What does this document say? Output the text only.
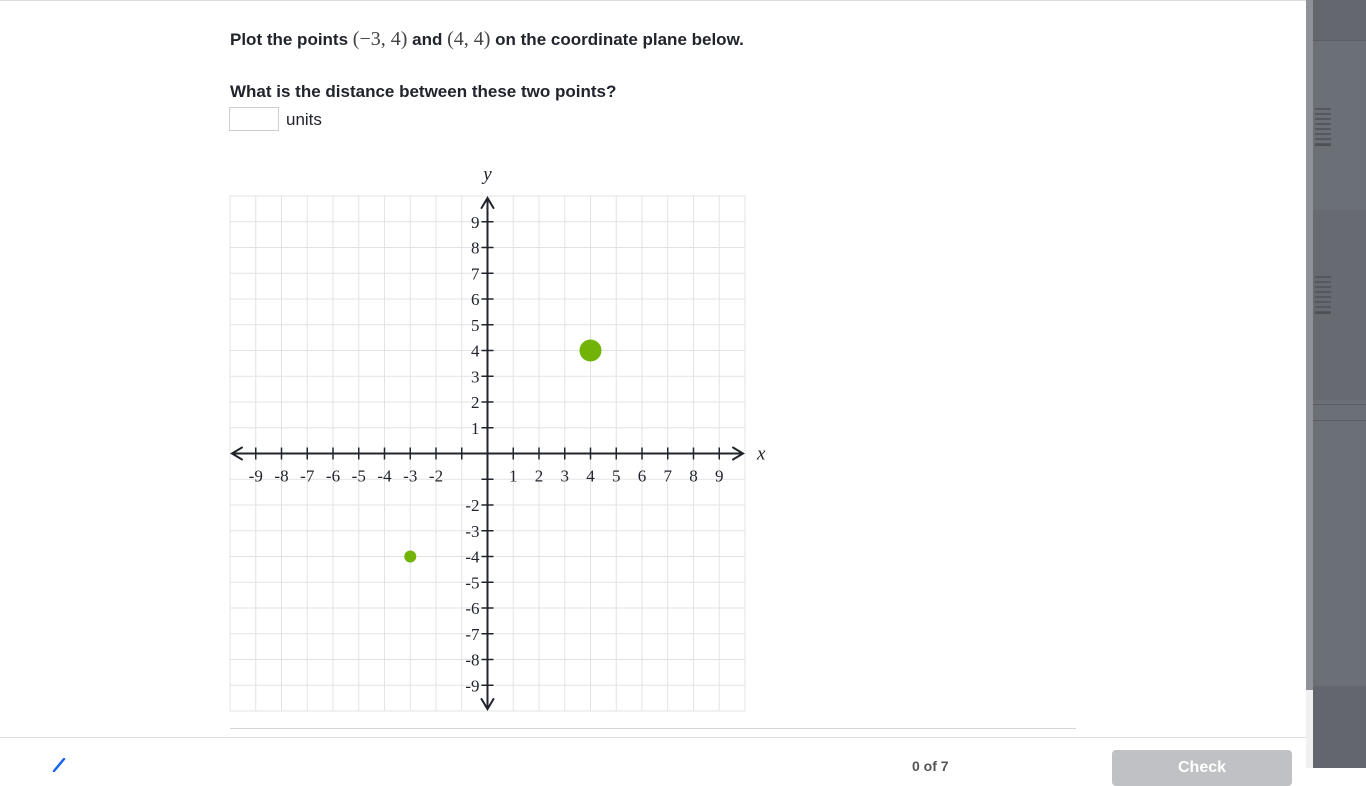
Plot the points (−3, 4) and (4, 4) on the coordinate plane below.
What is the distance between these two points?
units
-9 -8 -7 -6 -5 -4 -3 -2	1 2 3 4 5 6 7 8 9
9
8
7
6
5
4
3
2
1
-2
-3
-4
-5
-6
-7
-8
-9
x
y
0 of 7	Check
